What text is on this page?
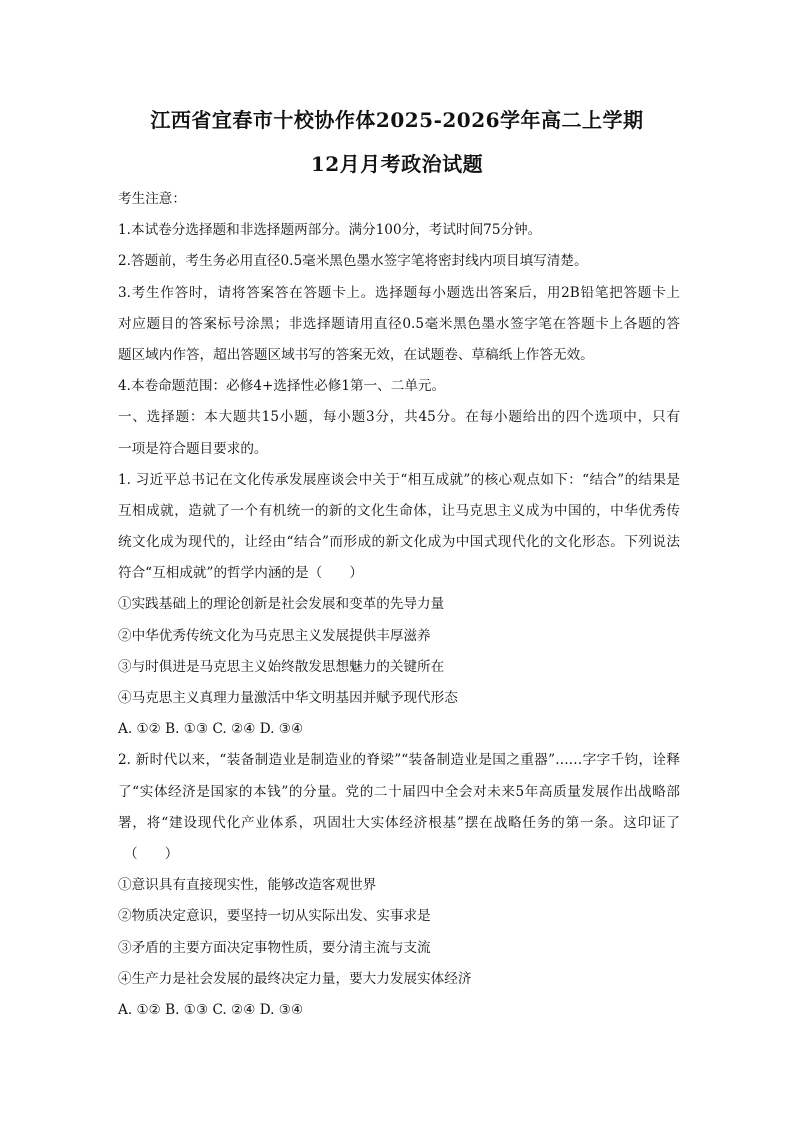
江西省宜春市十校协作体2025-2026学年高二上学期
12月月考政治试题
考生注意：
1.本试卷分选择题和非选择题两部分。满分100分，考试时间75分钟。
2.答题前，考生务必用直径0.5毫米黑色墨水签字笔将密封线内项目填写清楚。
3.考生作答时，请将答案答在答题卡上。选择题每小题选出答案后，用2B铅笔把答题卡上
对应题目的答案标号涂黑；非选择题请用直径0.5毫米黑色墨水签字笔在答题卡上各题的答
题区域内作答，超出答题区域书写的答案无效，在试题卷、草稿纸上作答无效。
4.本卷命题范围：必修4+选择性必修1第一、二单元。
一、选择题：本大题共15小题，每小题3分，共45分。在每小题给出的四个选项中，只有
一项是符合题目要求的。
1. 习近平总书记在文化传承发展座谈会中关于“相互成就”的核心观点如下：“结合”的结果是
互相成就，造就了一个有机统一的新的文化生命体，让马克思主义成为中国的，中华优秀传
统文化成为现代的，让经由“结合”而形成的新文化成为中国式现代化的文化形态。下列说法
符合“互相成就”的哲学内涵的是（　　）
①实践基础上的理论创新是社会发展和变革的先导力量
②中华优秀传统文化为马克思主义发展提供丰厚滋养
③与时俱进是马克思主义始终散发思想魅力的关键所在
④马克思主义真理力量激活中华文明基因并赋予现代形态
A. ①② B. ①③ C. ②④ D. ③④
2. 新时代以来，“装备制造业是制造业的脊梁”“装备制造业是国之重器”……字字千钧，诠释
了“实体经济是国家的本钱”的分量。党的二十届四中全会对未来5年高质量发展作出战略部
署，将“建设现代化产业体系，巩固壮大实体经济根基”摆在战略任务的第一条。这印证了
（　　）
①意识具有直接现实性，能够改造客观世界
②物质决定意识，要坚持一切从实际出发、实事求是
③矛盾的主要方面决定事物性质，要分清主流与支流
④生产力是社会发展的最终决定力量，要大力发展实体经济
A. ①② B. ①③ C. ②④ D. ③④
